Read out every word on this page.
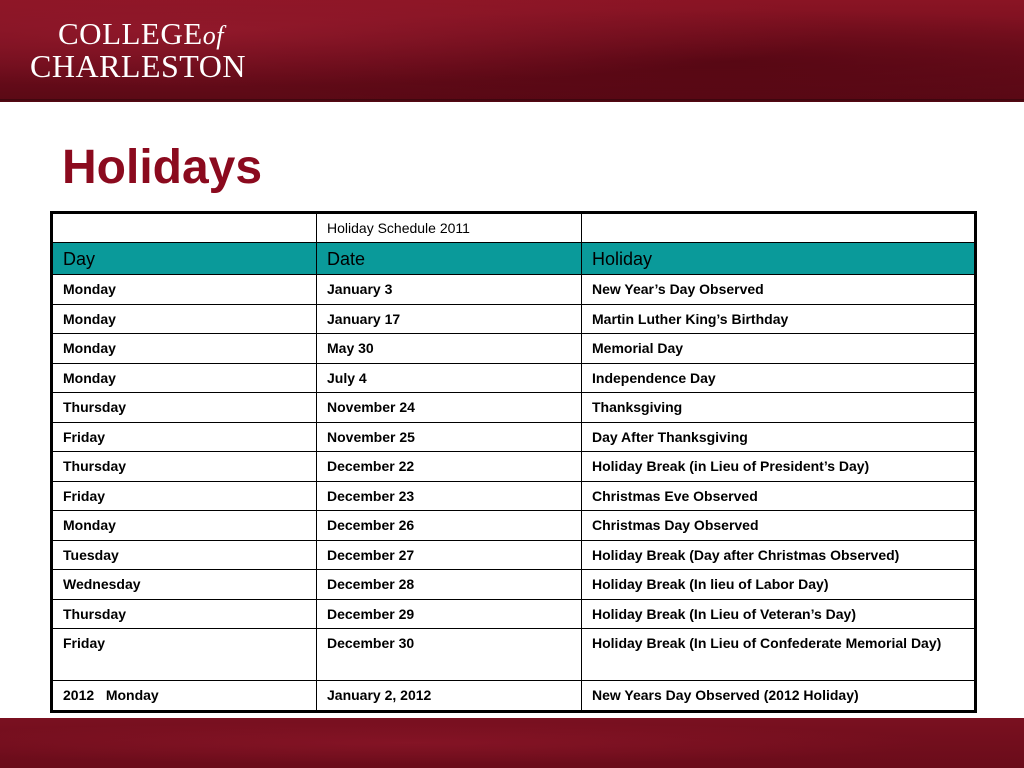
COLLEGEof
CHARLESTON
Holidays
	Holiday Schedule 2011	
Day	Date	Holiday
Monday	January 3	New Year’s Day Observed
Monday	January 17	Martin Luther King’s Birthday
Monday	May 30	Memorial Day
Monday	July 4	Independence Day
Thursday	November 24	Thanksgiving
Friday	November 25	Day After Thanksgiving
Thursday	December 22	Holiday Break (in Lieu of President’s Day)
Friday	December 23	Christmas Eve Observed
Monday	December 26	Christmas Day Observed
Tuesday	December 27	Holiday Break (Day after Christmas Observed)
Wednesday	December 28	Holiday Break (In lieu of Labor Day)
Thursday	December 29	Holiday Break (In Lieu of Veteran’s Day)
Friday	December 30	Holiday Break (In Lieu of Confederate Memorial Day)
2012   Monday	January 2, 2012	New Years Day Observed (2012 Holiday)
